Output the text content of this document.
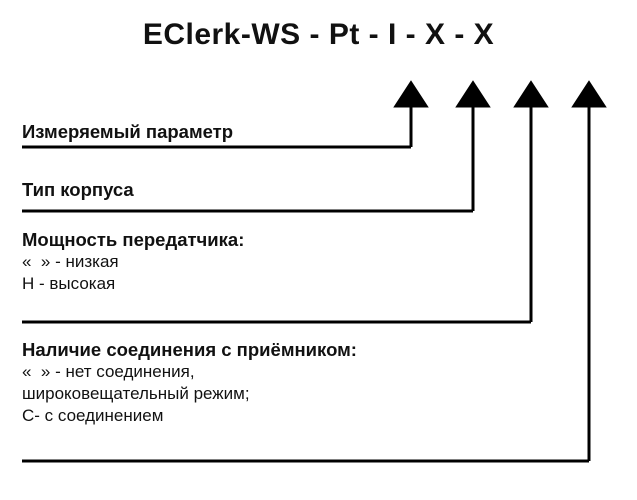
EClerk-WS - Pt - I - X - X
Измеряемый параметр
Тип корпуса
Мощность передатчика:
«  » - низкая
Н - высокая
Наличие соединения с приёмником:
«  » - нет соединения,
широковещательный режим;
С- с соединением
